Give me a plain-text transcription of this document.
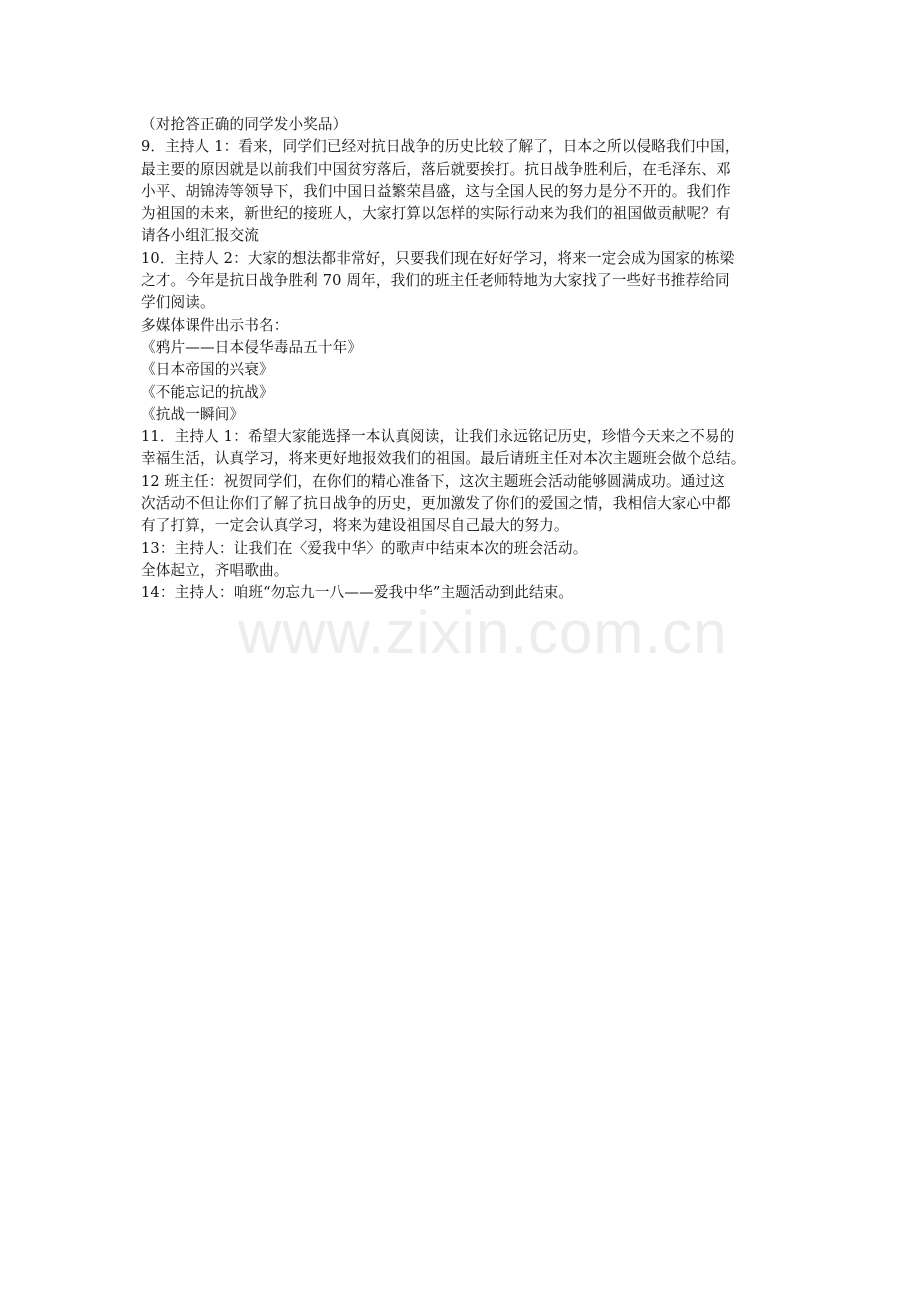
（对抢答正确的同学发小奖品）
9．主持人 1：看来，同学们已经对抗日战争的历史比较了解了，日本之所以侵略我们中国，
最主要的原因就是以前我们中国贫穷落后，落后就要挨打。抗日战争胜利后，在毛泽东、邓
小平、胡锦涛等领导下，我们中国日益繁荣昌盛，这与全国人民的努力是分不开的。我们作
为祖国的未来，新世纪的接班人，大家打算以怎样的实际行动来为我们的祖国做贡献呢？有
请各小组汇报交流
10．主持人 2：大家的想法都非常好，只要我们现在好好学习，将来一定会成为国家的栋梁
之才。今年是抗日战争胜利 70 周年，我们的班主任老师特地为大家找了一些好书推荐给同
学们阅读。
多媒体课件出示书名：
《鸦片——日本侵华毒品五十年》
《日本帝国的兴衰》
《不能忘记的抗战》
《抗战一瞬间》
11．主持人 1：希望大家能选择一本认真阅读，让我们永远铭记历史，珍惜今天来之不易的
幸福生活，认真学习，将来更好地报效我们的祖国。最后请班主任对本次主题班会做个总结。
12 班主任：祝贺同学们，在你们的精心准备下，这次主题班会活动能够圆满成功。通过这
次活动不但让你们了解了抗日战争的历史，更加激发了你们的爱国之情，我相信大家心中都
有了打算，一定会认真学习，将来为建设祖国尽自己最大的努力。
13：主持人：让我们在〈爱我中华〉的歌声中结束本次的班会活动。
全体起立，齐唱歌曲。
14：主持人：咱班“勿忘九一八——爱我中华”主题活动到此结束。
www.zixin.com.cn
